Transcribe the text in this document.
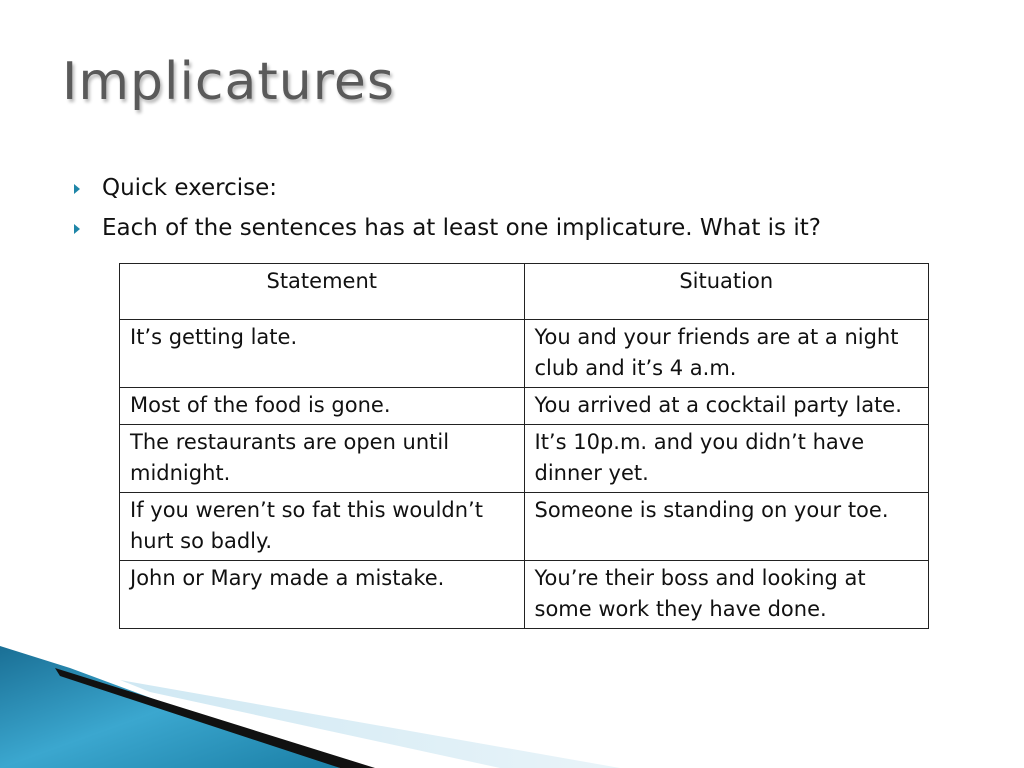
Implicatures
Quick exercise:
Each of the sentences has at least one implicature. What is it?
Statement	Situation
It’s getting late.	You and your friends are at a night club and it’s 4 a.m.
Most of the food is gone.	You arrived at a cocktail party late.
The restaurants are open until midnight.	It’s 10p.m. and you didn’t have dinner yet.
If you weren’t so fat this wouldn’t hurt so badly.	Someone is standing on your toe.
John or Mary made a mistake.	You’re their boss and looking at some work they have done.
